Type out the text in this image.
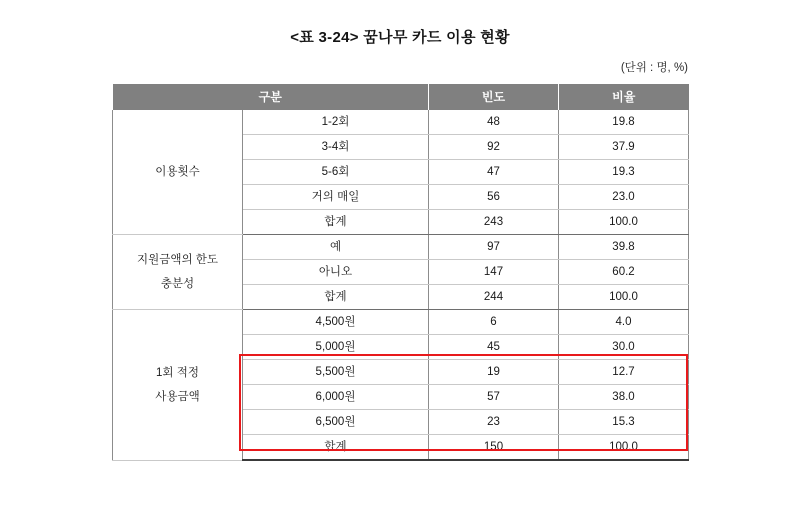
<표 3-24> 꿈나무 카드 이용 현황
(단위 : 명, %)
구분		빈도	비율
이용횟수	1-2회	48	19.8
	3-4회	92	37.9
	5-6회	47	19.3
	거의 매일	56	23.0
	합계	243	100.0

지원금액의 한도
충분성	예	97	39.8
	아니오	147	60.2
	합계	244	100.0

1회 적정
사용금액	4,500원	6	4.0
	5,000원	45	30.0
	5,500원	19	12.7
	6,000원	57	38.0
	6,500원	23	15.3
	합계	150	100.0
